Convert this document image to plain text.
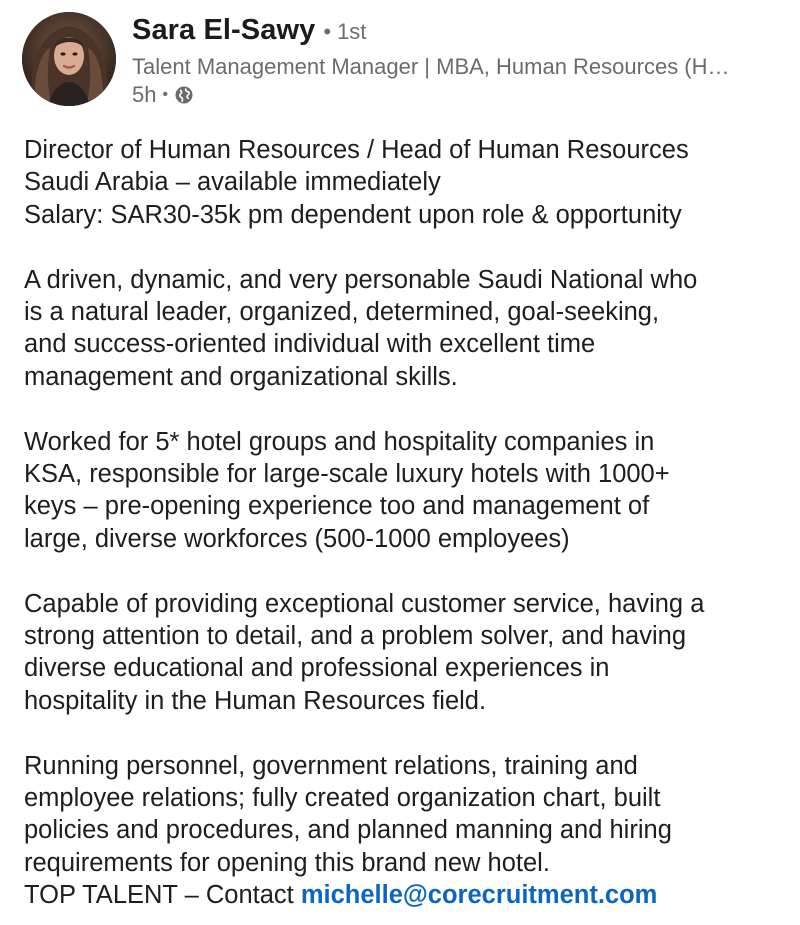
Sara El-Sawy • 1st
Talent Management Manager | MBA, Human Resources (H…
5h •
Director of Human Resources / Head of Human Resources
Saudi Arabia – available immediately
Salary: SAR30-35k pm dependent upon role & opportunity
A driven, dynamic, and very personable Saudi National who
is a natural leader, organized, determined, goal-seeking,
and success-oriented individual with excellent time
management and organizational skills.
Worked for 5* hotel groups and hospitality companies in
KSA, responsible for large-scale luxury hotels with 1000+
keys – pre-opening experience too and management of
large, diverse workforces (500-1000 employees)
Capable of providing exceptional customer service, having a
strong attention to detail, and a problem solver, and having
diverse educational and professional experiences in
hospitality in the Human Resources field.
Running personnel, government relations, training and
employee relations; fully created organization chart, built
policies and procedures, and planned manning and hiring
requirements for opening this brand new hotel.
TOP TALENT – Contact michelle@corecruitment.com
